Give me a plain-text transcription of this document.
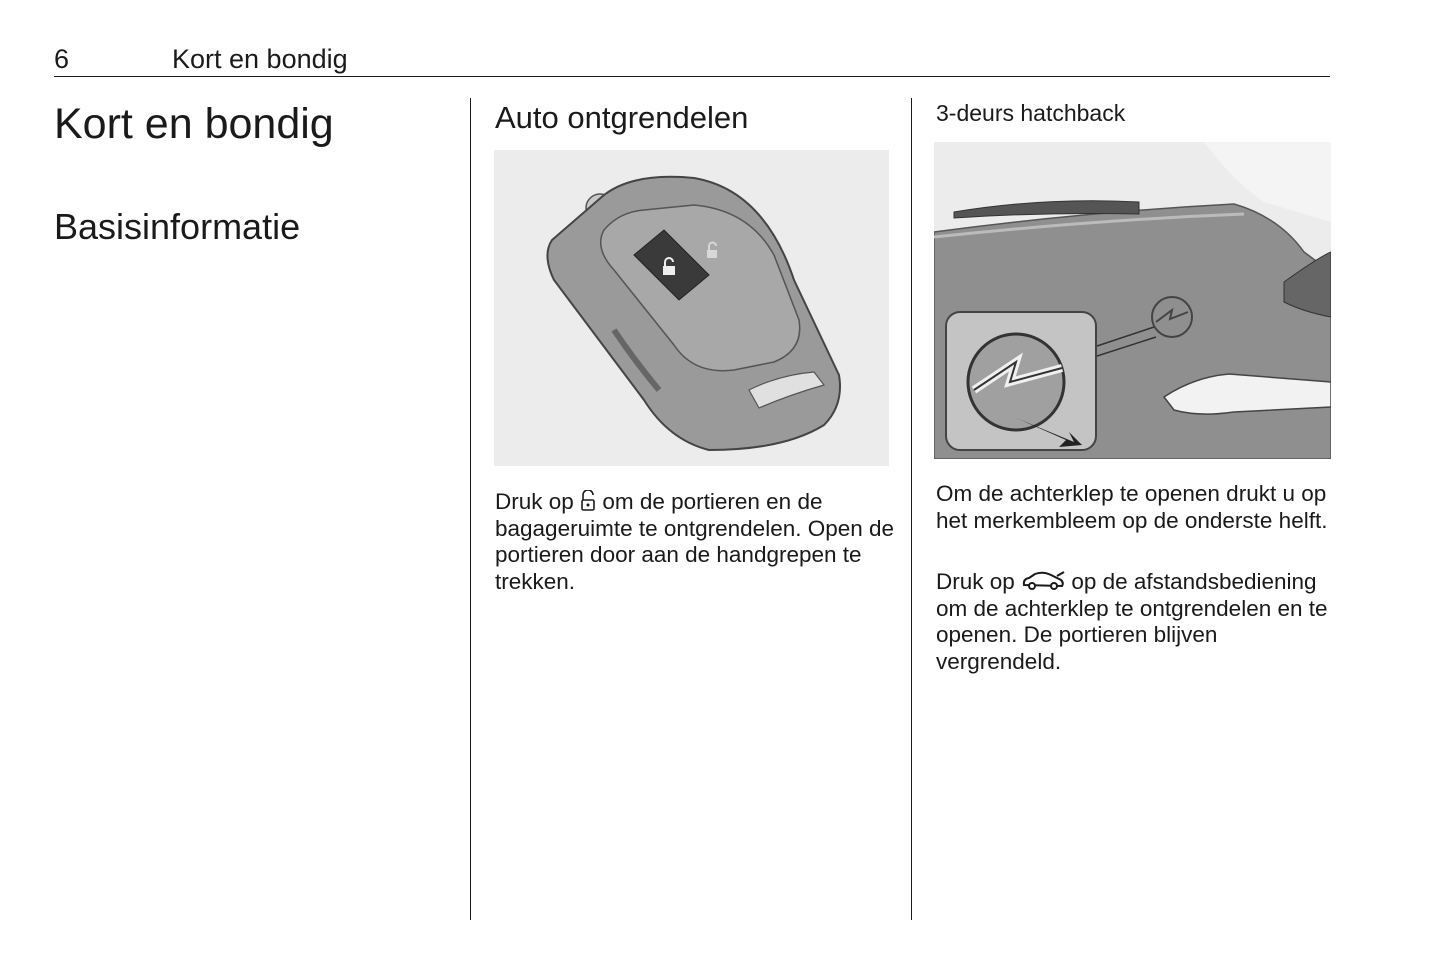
6	Kort en bondig
Kort en bondig
Basisinformatie
Auto ontgrendelen

Druk op om de portieren en de bagageruimte te ontgrendelen. Open de portieren door aan de handgrepen te trekken.

3-deurs hatchback

Om de achterklep te openen drukt u op het merkembleem op de onderste helft.

Druk op	op de afstandsbediening om de achterklep te ontgrendelen en te openen. De portieren blijven vergrendeld.
